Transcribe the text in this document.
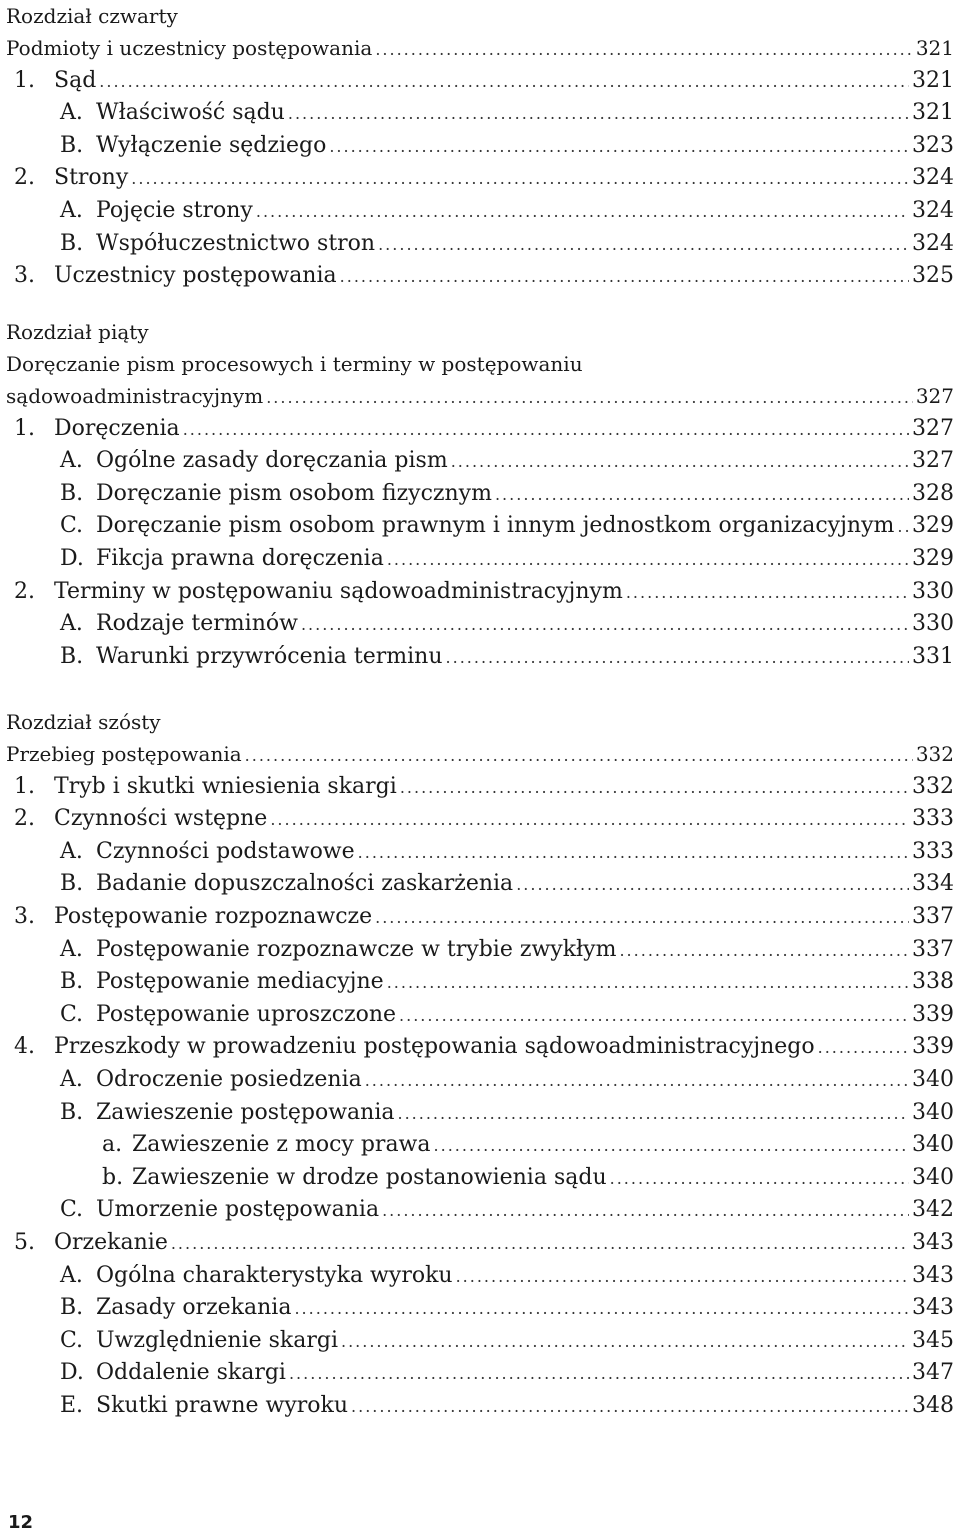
Rozdział czwarty
Podmioty i uczestnicy postępowania .....	321
1. Sąd .....	321
A. Właściwość sądu .....	321
B. Wyłączenie sędziego .....	323
2. Strony .....	324
A. Pojęcie strony .....	324
B. Współuczestnictwo stron .....	324
3. Uczestnicy postępowania .....	325
Rozdział piąty
Doręczanie pism procesowych i terminy w postępowaniu
sądowoadministracyjnym .....	327
1. Doręczenia .....	327
A. Ogólne zasady doręczania pism .....	327
B. Doręczanie pism osobom fizycznym .....	328
C. Doręczanie pism osobom prawnym i innym jednostkom organizacyjnym ..... 329
D. Fikcja prawna doręczenia .....	329
2. Terminy w postępowaniu sądowoadministracyjnym .....	330
A. Rodzaje terminów .....	330
B. Warunki przywrócenia terminu .....	331
Rozdział szósty
Przebieg postępowania .....	332
1. Tryb i skutki wniesienia skargi .....	332
2. Czynności wstępne .....	333
A. Czynności podstawowe .....	333
B. Badanie dopuszczalności zaskarżenia .....	334
3. Postępowanie rozpoznawcze .....	337
A. Postępowanie rozpoznawcze w trybie zwykłym .....	337
B. Postępowanie mediacyjne .....	338
C. Postępowanie uproszczone .....	339
4. Przeszkody w prowadzeniu postępowania sądowoadministracyjnego .....	339
A. Odroczenie posiedzenia .....	340
B. Zawieszenie postępowania .....	340
a. Zawieszenie z mocy prawa .....	340
b. Zawieszenie w drodze postanowienia sądu .....	340
C. Umorzenie postępowania .....	342
5. Orzekanie .....	343
A. Ogólna charakterystyka wyroku .....	343
B. Zasady orzekania .....	343
C. Uwzględnienie skargi .....	345
D. Oddalenie skargi .....	347
E. Skutki prawne wyroku .....	348
12
